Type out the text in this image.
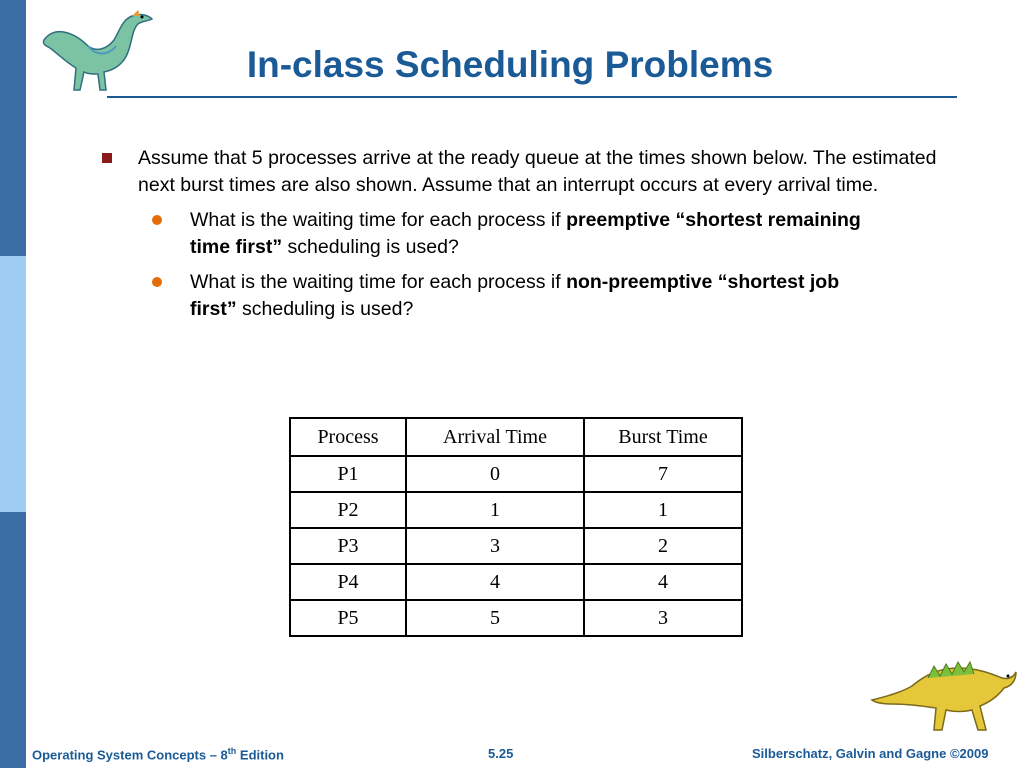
In-class Scheduling Problems
Assume that 5 processes arrive at the ready queue at the times shown below. The estimated next burst times are also shown. Assume that an interrupt occurs at every arrival time.
What is the waiting time for each process if preemptive “shortest remaining time first” scheduling is used?
What is the waiting time for each process if non-preemptive “shortest job first” scheduling is used?
Process	Arrival Time	Burst Time
P1	0	7
P2	1	1
P3	3	2
P4	4	4
P5	5	3
Operating System Concepts – 8th Edition	5.25	Silberschatz, Galvin and Gagne ©2009
